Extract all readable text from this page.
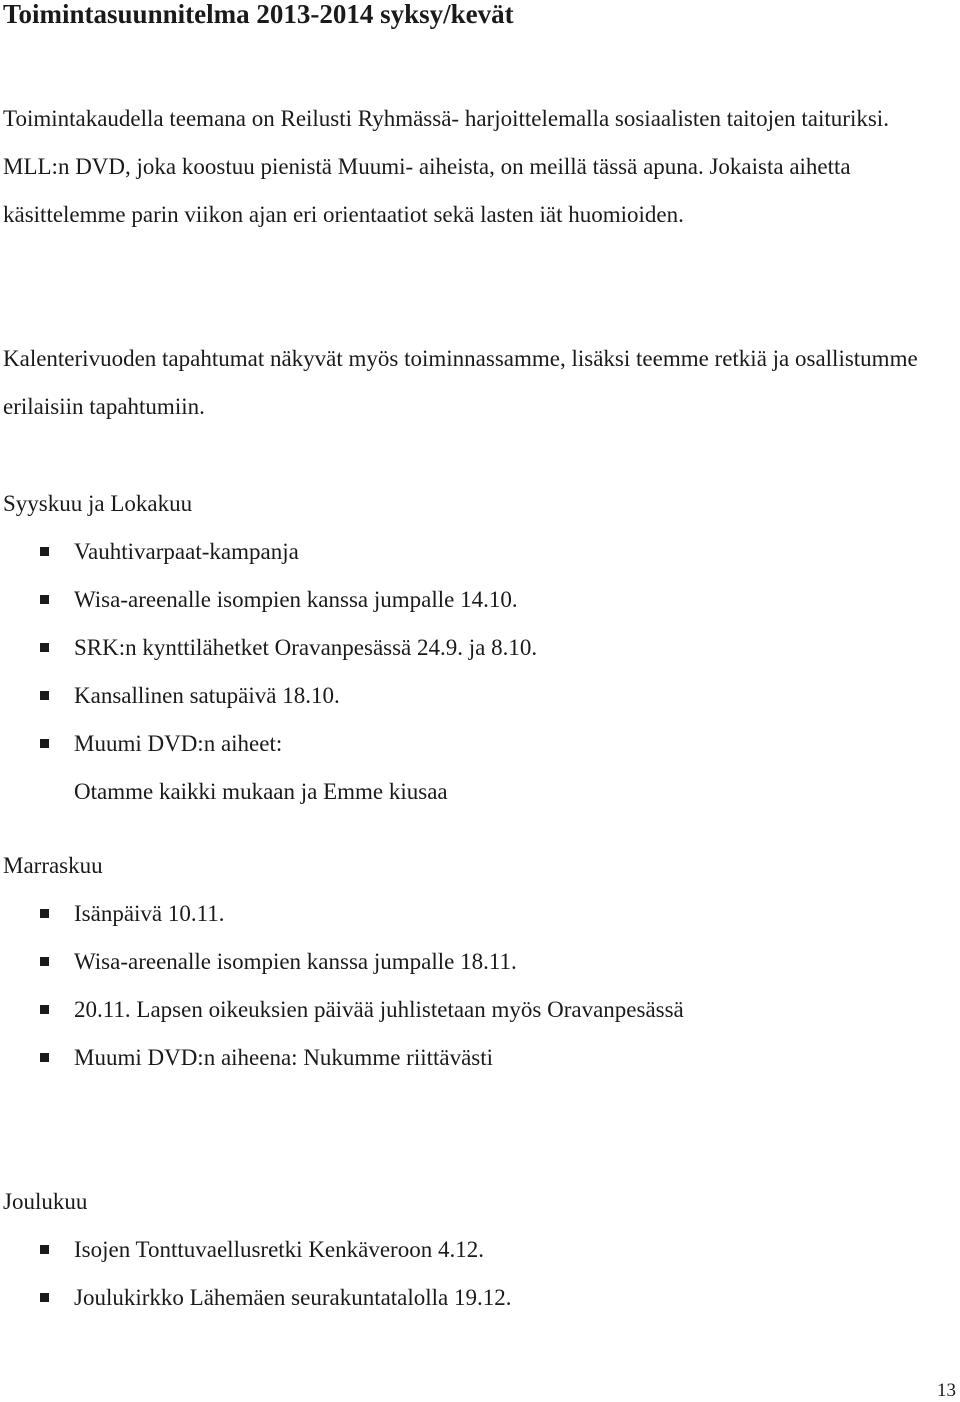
Toimintasuunnitelma 2013-2014 syksy/kevät

Toimintakaudella teemana on Reilusti Ryhmässä- harjoittelemalla sosiaalisten taitojen taituriksi. MLL:n DVD, joka koostuu pienistä Muumi- aiheista, on meillä tässä apuna. Jokaista aihetta käsittelemme parin viikon ajan eri orientaatiot sekä lasten iät huomioiden.

Kalenterivuoden tapahtumat näkyvät myös toiminnassamme, lisäksi teemme retkiä ja osallistumme erilaisiin tapahtumiin.

Syyskuu ja Lokakuu
Vauhtivarpaat-kampanja
Wisa-areenalle isompien kanssa jumpalle 14.10.
SRK:n kynttilähetket Oravanpesässä 24.9. ja 8.10.
Kansallinen satupäivä 18.10.
Muumi DVD:n aiheet:
Otamme kaikki mukaan ja Emme kiusaa
Marraskuu
Isänpäivä 10.11.
Wisa-areenalle isompien kanssa jumpalle 18.11.
20.11. Lapsen oikeuksien päivää juhlistetaan myös Oravanpesässä
Muumi DVD:n aiheena: Nukumme riittävästi
Joulukuu
Isojen Tonttuvaellusretki Kenkäveroon 4.12.
Joulukirkko Lähemäen seurakuntatalolla 19.12.
13
